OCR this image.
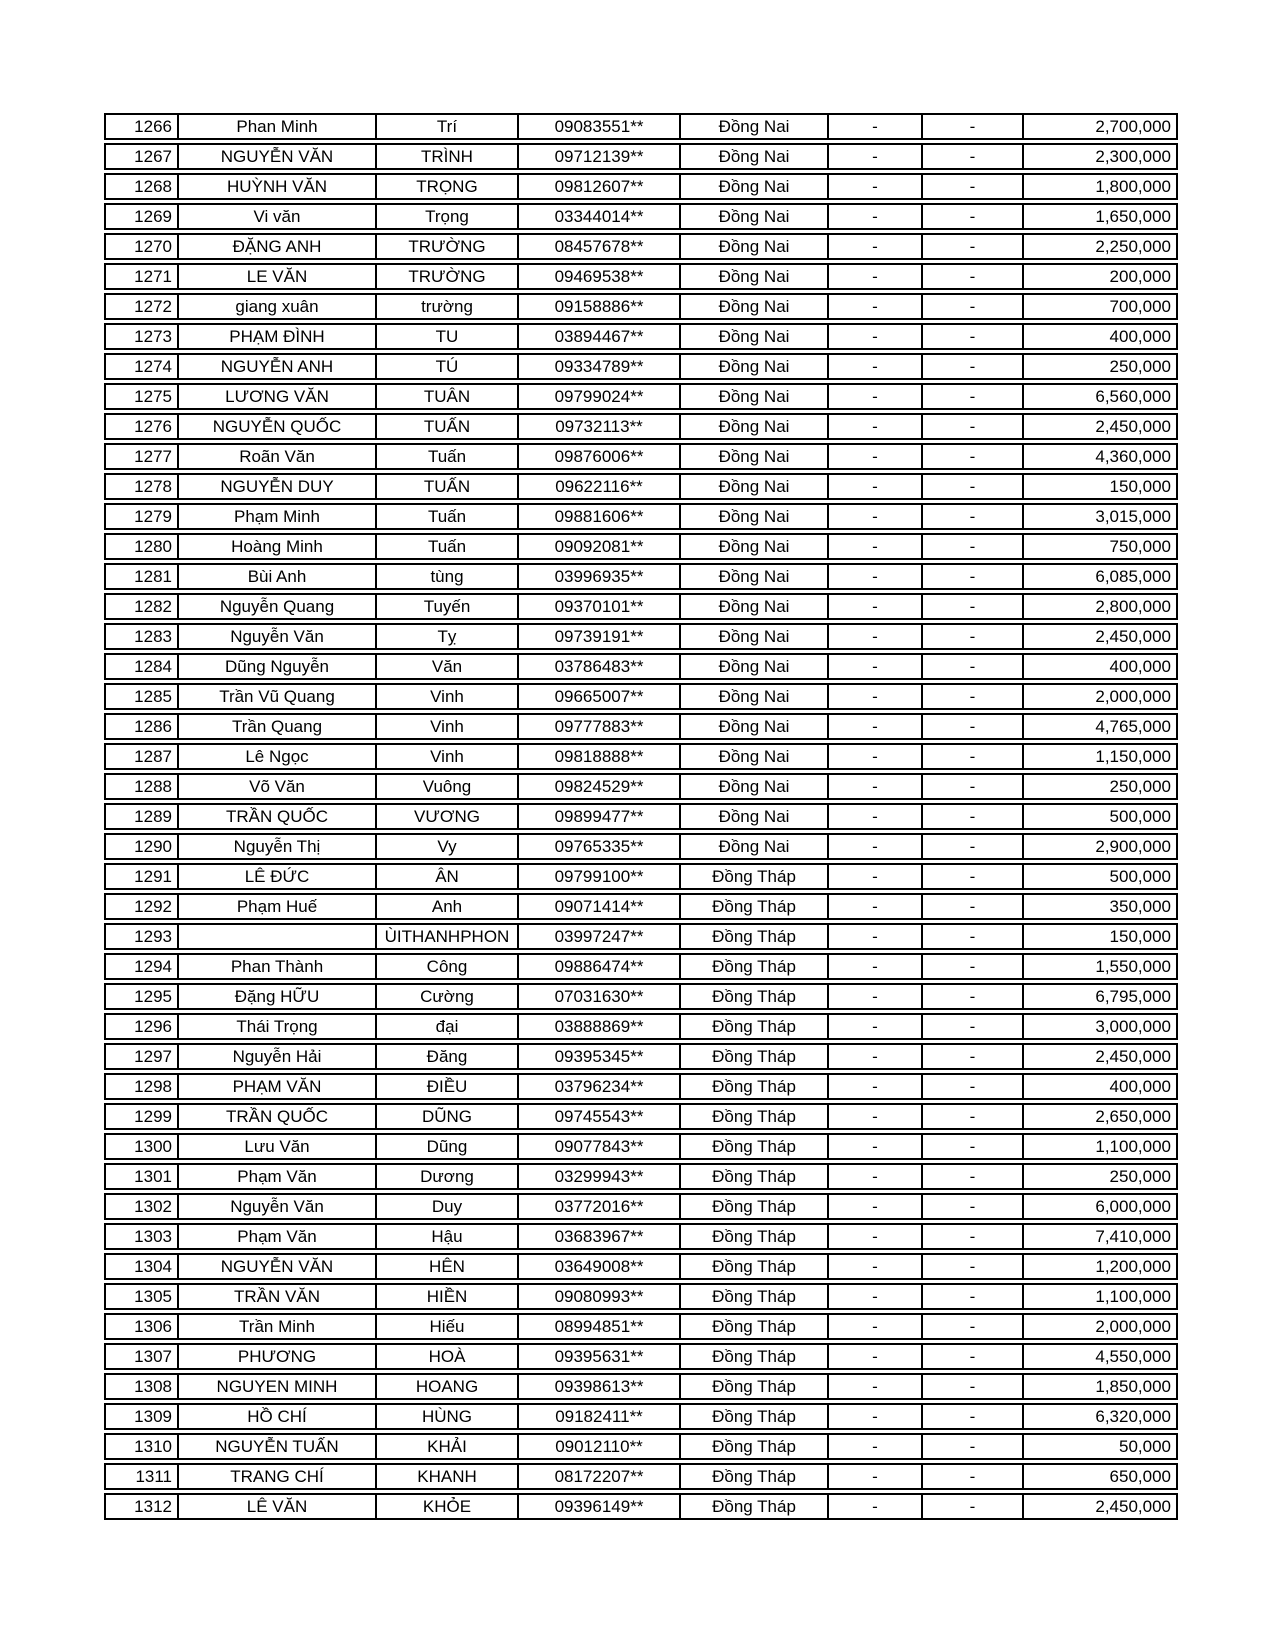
1266	Phan Minh	Trí	09083551**	Đồng Nai	-	-	2,700,000
1267	NGUYỄN VĂN	TRÌNH	09712139**	Đồng Nai	-	-	2,300,000
1268	HUỲNH VĂN	TRỌNG	09812607**	Đồng Nai	-	-	1,800,000
1269	Vi văn	Trọng	03344014**	Đồng Nai	-	-	1,650,000
1270	ĐẶNG ANH	TRƯỜNG	08457678**	Đồng Nai	-	-	2,250,000
1271	LE VĂN	TRƯỜNG	09469538**	Đồng Nai	-	-	200,000
1272	giang xuân	trường	09158886**	Đồng Nai	-	-	700,000
1273	PHẠM ĐÌNH	TU	03894467**	Đồng Nai	-	-	400,000
1274	NGUYỄN ANH	TÚ	09334789**	Đồng Nai	-	-	250,000
1275	LƯƠNG VĂN	TUÂN	09799024**	Đồng Nai	-	-	6,560,000
1276	NGUYỄN QUỐC	TUẤN	09732113**	Đồng Nai	-	-	2,450,000
1277	Roãn Văn	Tuấn	09876006**	Đồng Nai	-	-	4,360,000
1278	NGUYỄN DUY	TUẤN	09622116**	Đồng Nai	-	-	150,000
1279	Phạm Minh	Tuấn	09881606**	Đồng Nai	-	-	3,015,000
1280	Hoàng Minh	Tuấn	09092081**	Đồng Nai	-	-	750,000
1281	Bùi Anh	tùng	03996935**	Đồng Nai	-	-	6,085,000
1282	Nguyễn Quang	Tuyến	09370101**	Đồng Nai	-	-	2,800,000
1283	Nguyễn Văn	Tỵ	09739191**	Đồng Nai	-	-	2,450,000
1284	Dũng Nguyễn	Văn	03786483**	Đồng Nai	-	-	400,000
1285	Trần Vũ Quang	Vinh	09665007**	Đồng Nai	-	-	2,000,000
1286	Trần Quang	Vinh	09777883**	Đồng Nai	-	-	4,765,000
1287	Lê Ngọc	Vinh	09818888**	Đồng Nai	-	-	1,150,000
1288	Võ Văn	Vuông	09824529**	Đồng Nai	-	-	250,000
1289	TRẦN QUỐC	VƯƠNG	09899477**	Đồng Nai	-	-	500,000
1290	Nguyễn Thị	Vy	09765335**	Đồng Nai	-	-	2,900,000
1291	LÊ ĐỨC	ÂN	09799100**	Đồng Tháp	-	-	500,000
1292	Phạm Huế	Anh	09071414**	Đồng Tháp	-	-	350,000
1293		ÙITHANHPHON	03997247**	Đồng Tháp	-	-	150,000
1294	Phan Thành	Công	09886474**	Đồng Tháp	-	-	1,550,000
1295	Đặng HỮU	Cường	07031630**	Đồng Tháp	-	-	6,795,000
1296	Thái Trọng	đại	03888869**	Đồng Tháp	-	-	3,000,000
1297	Nguyễn Hải	Đăng	09395345**	Đồng Tháp	-	-	2,450,000
1298	PHẠM VĂN	ĐIỀU	03796234**	Đồng Tháp	-	-	400,000
1299	TRẦN QUỐC	DŨNG	09745543**	Đồng Tháp	-	-	2,650,000
1300	Lưu Văn	Dũng	09077843**	Đồng Tháp	-	-	1,100,000
1301	Phạm Văn	Dương	03299943**	Đồng Tháp	-	-	250,000
1302	Nguyễn Văn	Duy	03772016**	Đồng Tháp	-	-	6,000,000
1303	Phạm Văn	Hậu	03683967**	Đồng Tháp	-	-	7,410,000
1304	NGUYỄN VĂN	HÊN	03649008**	Đồng Tháp	-	-	1,200,000
1305	TRẦN VĂN	HIỀN	09080993**	Đồng Tháp	-	-	1,100,000
1306	Trần Minh	Hiếu	08994851**	Đồng Tháp	-	-	2,000,000
1307	PHƯƠNG	HOÀ	09395631**	Đồng Tháp	-	-	4,550,000
1308	NGUYEN MINH	HOANG	09398613**	Đồng Tháp	-	-	1,850,000
1309	HỒ CHÍ	HÙNG	09182411**	Đồng Tháp	-	-	6,320,000
1310	NGUYỄN TUẤN	KHẢI	09012110**	Đồng Tháp	-	-	50,000
1311	TRANG CHÍ	KHANH	08172207**	Đồng Tháp	-	-	650,000
1312	LÊ VĂN	KHỎE	09396149**	Đồng Tháp	-	-	2,450,000
